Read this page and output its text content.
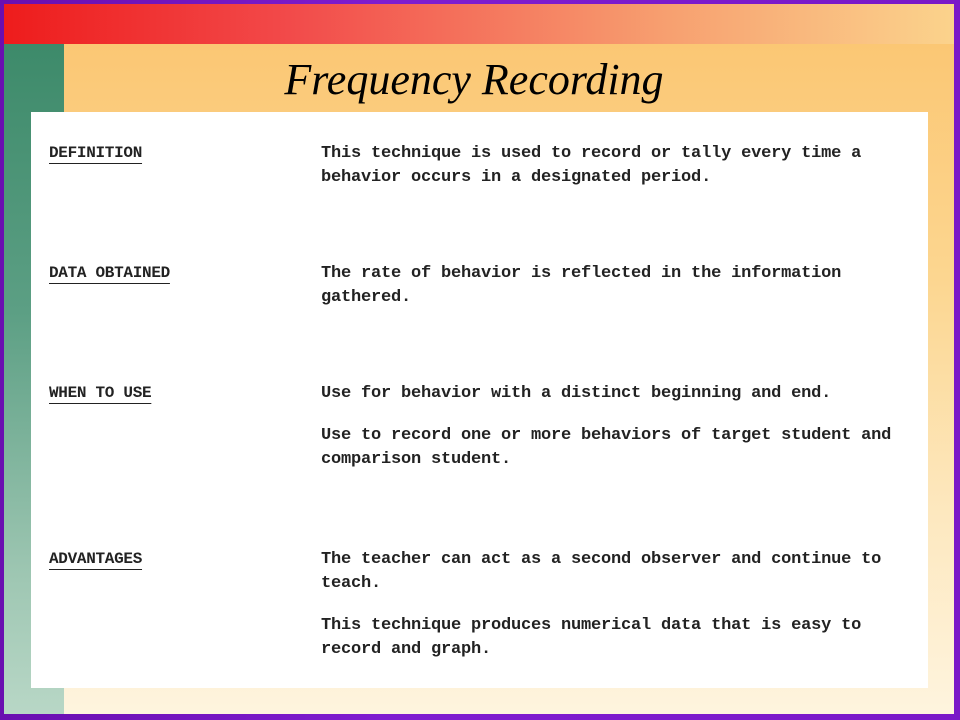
Frequency Recording
DEFINITION	This technique is used to record or tally every time a behavior occurs in a designated period.

DATA OBTAINED	The rate of behavior is reflected in the information gathered.

WHEN TO USE	Use for behavior with a distinct beginning and end.

Use to record one or more behaviors of target student and comparison student.

ADVANTAGES	The teacher can act as a second observer and continue to teach.

This technique produces numerical data that is easy to record and graph.
